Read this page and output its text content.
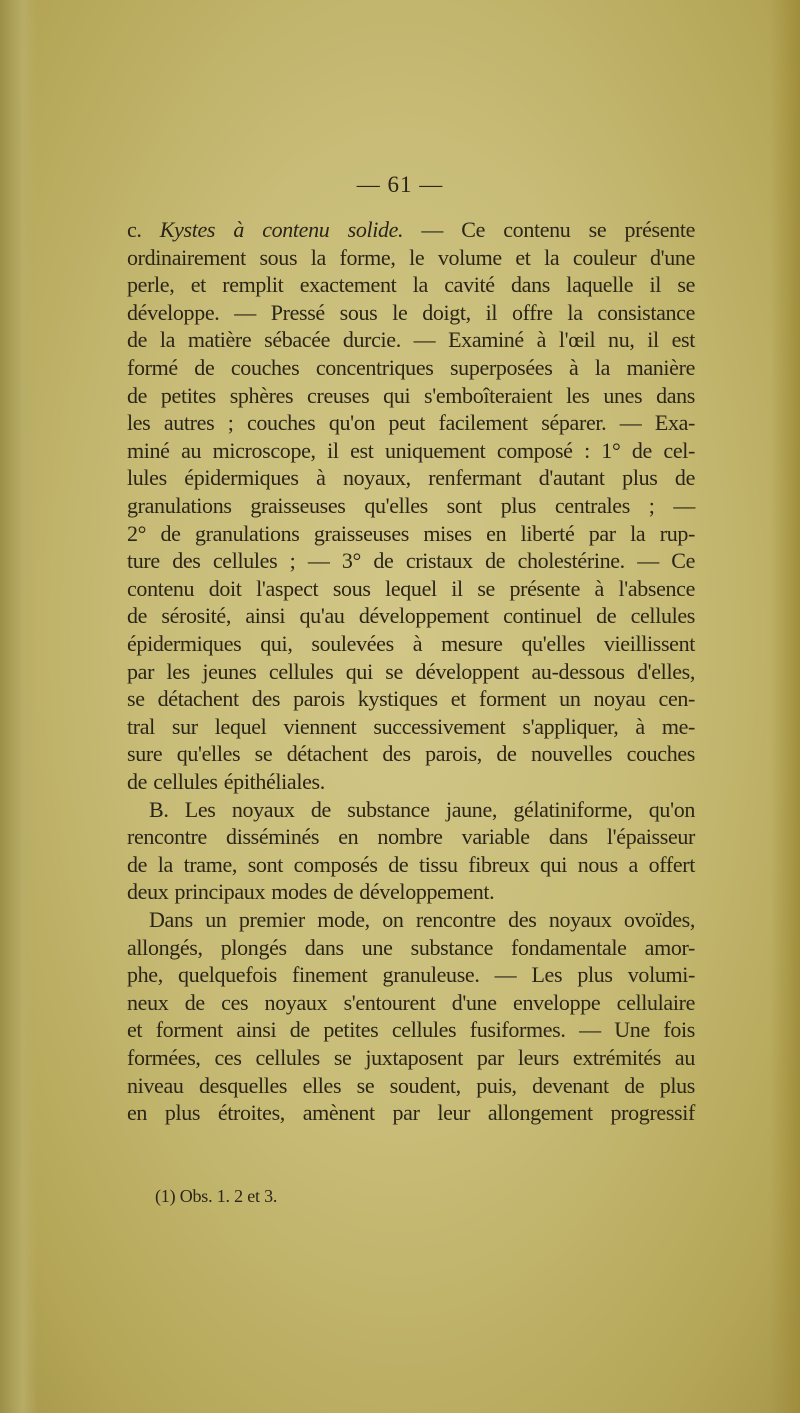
— 61 —
c. Kystes à contenu solide. — Ce contenu se présente
ordinairement sous la forme, le volume et la couleur d'une
perle, et remplit exactement la cavité dans laquelle il se
développe. — Pressé sous le doigt, il offre la consistance
de la matière sébacée durcie. — Examiné à l'œil nu, il est
formé de couches concentriques superposées à la manière
de petites sphères creuses qui s'emboîteraient les unes dans
les autres ; couches qu'on peut facilement séparer. — Exa-
miné au microscope, il est uniquement composé : 1° de cel-
lules épidermiques à noyaux, renfermant d'autant plus de
granulations graisseuses qu'elles sont plus centrales ; —
2° de granulations graisseuses mises en liberté par la rup-
ture des cellules ; — 3° de cristaux de cholestérine. — Ce
contenu doit l'aspect sous lequel il se présente à l'absence
de sérosité, ainsi qu'au développement continuel de cellules
épidermiques qui, soulevées à mesure qu'elles vieillissent
par les jeunes cellules qui se développent au-dessous d'elles,
se détachent des parois kystiques et forment un noyau cen-
tral sur lequel viennent successivement s'appliquer, à me-
sure qu'elles se détachent des parois, de nouvelles couches
de cellules épithéliales.
B. Les noyaux de substance jaune, gélatiniforme, qu'on
rencontre disséminés en nombre variable dans l'épaisseur
de la trame, sont composés de tissu fibreux qui nous a offert
deux principaux modes de développement.
Dans un premier mode, on rencontre des noyaux ovoïdes,
allongés, plongés dans une substance fondamentale amor-
phe, quelquefois finement granuleuse. — Les plus volumi-
neux de ces noyaux s'entourent d'une enveloppe cellulaire
et forment ainsi de petites cellules fusiformes. — Une fois
formées, ces cellules se juxtaposent par leurs extrémités au
niveau desquelles elles se soudent, puis, devenant de plus
en plus étroites, amènent par leur allongement progressif
(1) Obs. 1. 2 et 3.
